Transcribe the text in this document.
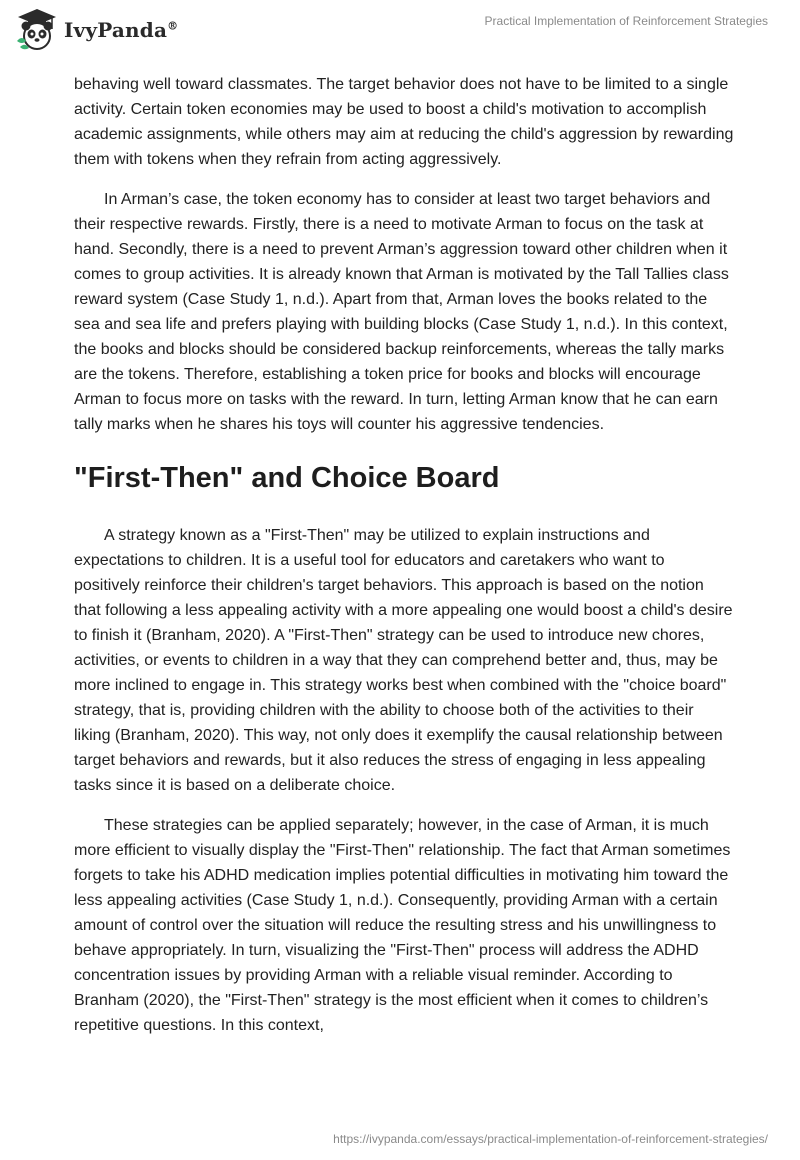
IvyPanda®	Practical Implementation of Reinforcement Strategies

behaving well toward classmates. The target behavior does not have to be limited to a single activity. Certain token economies may be used to boost a child's motivation to accomplish academic assignments, while others may aim at reducing the child's aggression by rewarding them with tokens when they refrain from acting aggressively.

In Arman’s case, the token economy has to consider at least two target behaviors and their respective rewards. Firstly, there is a need to motivate Arman to focus on the task at hand. Secondly, there is a need to prevent Arman’s aggression toward other children when it comes to group activities. It is already known that Arman is motivated by the Tall Tallies class reward system (Case Study 1, n.d.). Apart from that, Arman loves the books related to the sea and sea life and prefers playing with building blocks (Case Study 1, n.d.). In this context, the books and blocks should be considered backup reinforcements, whereas the tally marks are the tokens. Therefore, establishing a token price for books and blocks will encourage Arman to focus more on tasks with the reward. In turn, letting Arman know that he can earn tally marks when he shares his toys will counter his aggressive tendencies.

"First-Then" and Choice Board

A strategy known as a "First-Then" may be utilized to explain instructions and expectations to children. It is a useful tool for educators and caretakers who want to positively reinforce their children's target behaviors. This approach is based on the notion that following a less appealing activity with a more appealing one would boost a child's desire to finish it (Branham, 2020). A "First-Then" strategy can be used to introduce new chores, activities, or events to children in a way that they can comprehend better and, thus, may be more inclined to engage in. This strategy works best when combined with the "choice board" strategy, that is, providing children with the ability to choose both of the activities to their liking (Branham, 2020). This way, not only does it exemplify the causal relationship between target behaviors and rewards, but it also reduces the stress of engaging in less appealing tasks since it is based on a deliberate choice.

These strategies can be applied separately; however, in the case of Arman, it is much more efficient to visually display the "First-Then" relationship. The fact that Arman sometimes forgets to take his ADHD medication implies potential difficulties in motivating him toward the less appealing activities (Case Study 1, n.d.). Consequently, providing Arman with a certain amount of control over the situation will reduce the resulting stress and his unwillingness to behave appropriately. In turn, visualizing the "First-Then" process will address the ADHD concentration issues by providing Arman with a reliable visual reminder. According to Branham (2020), the "First-Then" strategy is the most efficient when it comes to children’s repetitive questions. In this context,

https://ivypanda.com/essays/practical-implementation-of-reinforcement-strategies/
